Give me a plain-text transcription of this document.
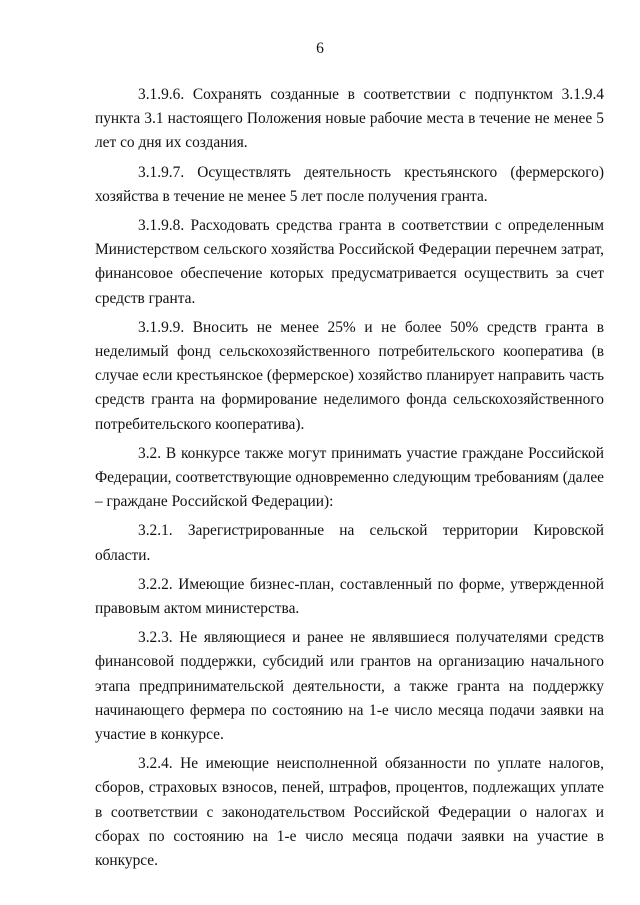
6

3.1.9.6. Сохранять созданные в соответствии с подпунктом 3.1.9.4 пункта 3.1 настоящего Положения новые рабочие места в течение не менее 5 лет со дня их создания.

3.1.9.7. Осуществлять деятельность крестьянского (фермерского) хозяйства в течение не менее 5 лет после получения гранта.

3.1.9.8. Расходовать средства гранта в соответствии с определенным Министерством сельского хозяйства Российской Федерации перечнем затрат, финансовое обеспечение которых предусматривается осуществить за счет средств гранта.

3.1.9.9. Вносить не менее 25% и не более 50% средств гранта в неделимый фонд сельскохозяйственного потребительского кооператива (в случае если крестьянское (фермерское) хозяйство планирует направить часть средств гранта на формирование неделимого фонда сельскохозяйственного потребительского кооператива).

3.2. В конкурсе также могут принимать участие граждане Российской Федерации, соответствующие одновременно следующим требованиям (далее – граждане Российской Федерации):

3.2.1. Зарегистрированные на сельской территории Кировской области.

3.2.2. Имеющие бизнес-план, составленный по форме, утвержденной правовым актом министерства.

3.2.3. Не являющиеся и ранее не являвшиеся получателями средств финансовой поддержки, субсидий или грантов на организацию начального этапа предпринимательской деятельности, а также гранта на поддержку начинающего фермера по состоянию на 1-е число месяца подачи заявки на участие в конкурсе.

3.2.4. Не имеющие неисполненной обязанности по уплате налогов, сборов, страховых взносов, пеней, штрафов, процентов, подлежащих уплате в соответствии с законодательством Российской Федерации о налогах и сборах по состоянию на 1-е число месяца подачи заявки на участие в конкурсе.
